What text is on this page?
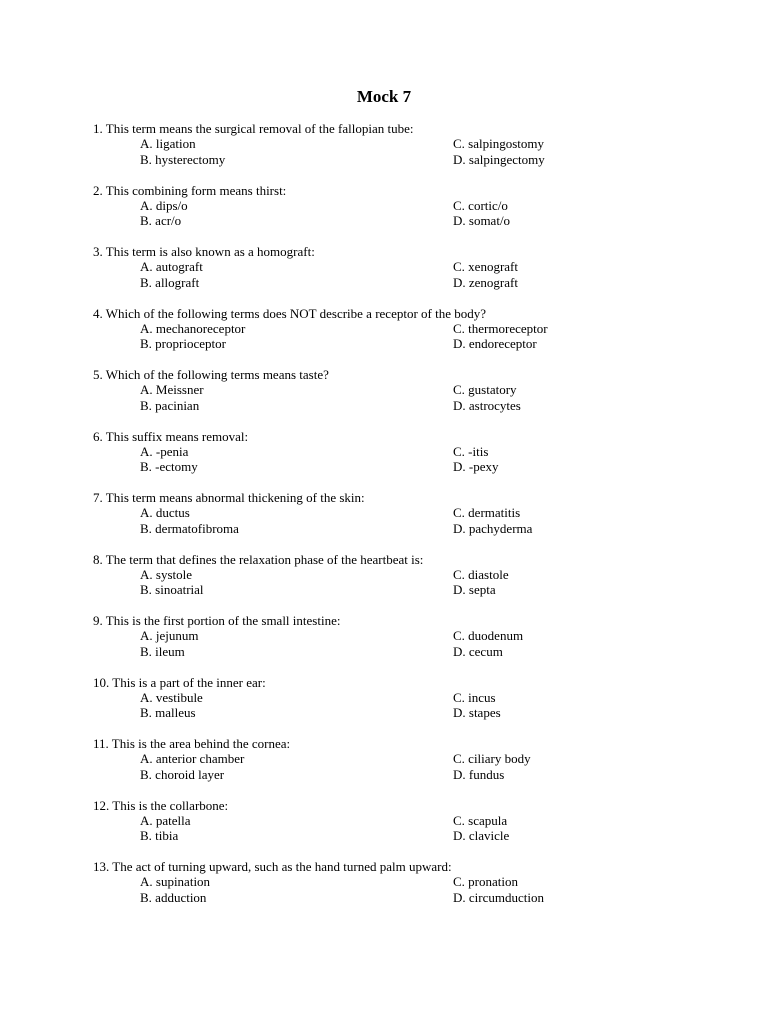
Mock 7
1. This term means the surgical removal of the fallopian tube:
A. ligation	C. salpingostomy
B. hysterectomy	D. salpingectomy
2. This combining form means thirst:
A. dips/o	C. cortic/o
B. acr/o	D. somat/o
3. This term is also known as a homograft:
A. autograft	C. xenograft
B. allograft	D. zenograft
4. Which of the following terms does NOT describe a receptor of the body?
A. mechanoreceptor	C. thermoreceptor
B. proprioceptor	D. endoreceptor
5. Which of the following terms means taste?
A. Meissner	C. gustatory
B. pacinian	D. astrocytes
6. This suffix means removal:
A. -penia	C. -itis
B. -ectomy	D. -pexy
7. This term means abnormal thickening of the skin:
A. ductus	C. dermatitis
B. dermatofibroma	D. pachyderma
8. The term that defines the relaxation phase of the heartbeat is:
A. systole	C. diastole
B. sinoatrial	D. septa
9. This is the first portion of the small intestine:
A. jejunum	C. duodenum
B. ileum	D. cecum
10. This is a part of the inner ear:
A. vestibule	C. incus
B. malleus	D. stapes
11. This is the area behind the cornea:
A. anterior chamber	C. ciliary body
B. choroid layer	D. fundus
12. This is the collarbone:
A. patella	C. scapula
B. tibia	D. clavicle
13. The act of turning upward, such as the hand turned palm upward:
A. supination	C. pronation
B. adduction	D. circumduction
